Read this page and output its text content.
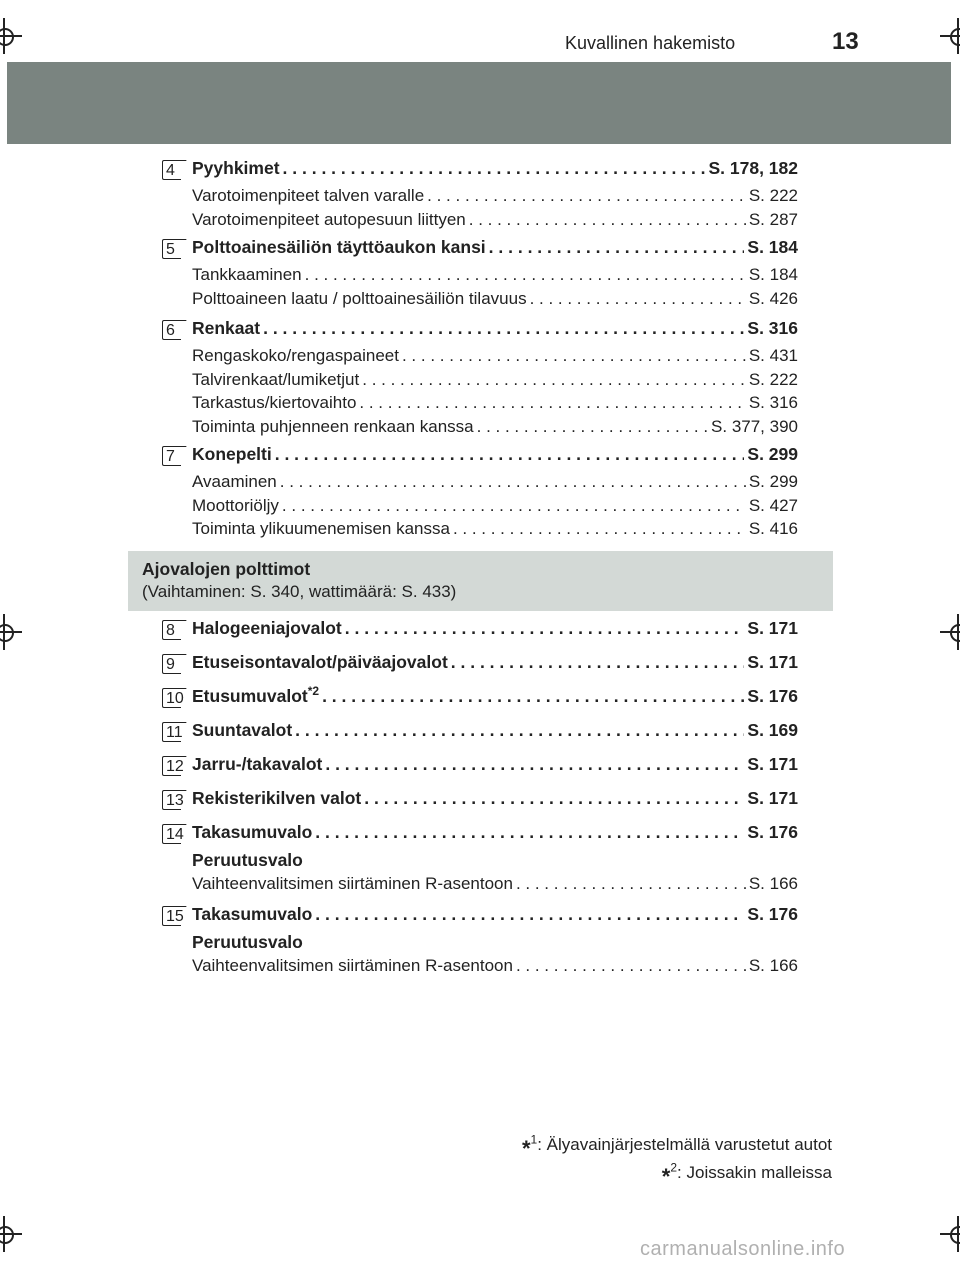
Kuvallinen hakemisto	13
4 Pyyhkimet . . .	S. 178, 182
Varotoimenpiteet talven varalle . . .	S. 222
Varotoimenpiteet autopesuun liittyen . . .	S. 287
5 Polttoainesäiliön täyttöaukon kansi . . .	S. 184
Tankkaaminen . . .	S. 184
Polttoaineen laatu / polttoainesäiliön tilavuus . . .	S. 426
6 Renkaat . . .	S. 316
Rengaskoko/rengaspaineet . . .	S. 431
Talvirenkaat/lumiketjut . . .	S. 222
Tarkastus/kiertovaihto . . .	S. 316
Toiminta puhjenneen renkaan kanssa . . .	S. 377, 390
7 Konepelti . . .	S. 299
Avaaminen . . .	S. 299
Moottoriöljy . . .	S. 427
Toiminta ylikuumenemisen kanssa . . .	S. 416
Ajovalojen polttimot
(Vaihtaminen: S. 340, wattimäärä: S. 433)
8 Halogeeniajovalot . . .	S. 171
9 Etuseisontavalot/päiväajovalot . . .	S. 171
10 Etusumuvalot$^{*2}$ . . .	S. 176
11 Suuntavalot . . .	S. 169
12 Jarru-/takavalot . . .	S. 171
13 Rekisterikilven valot . . .	S. 171
14 Takasumuvalo . . .	S. 176
Peruutusvalo
Vaihteenvalitsimen siirtäminen R-asentoon . . .	S. 166
15 Takasumuvalo . . .	S. 176
Peruutusvalo
Vaihteenvalitsimen siirtäminen R-asentoon . . .	S. 166
*$^1$: Älyavainjärjestelmällä varustetut autot
*$^2$: Joissakin malleissa
carmanualsonline.info
